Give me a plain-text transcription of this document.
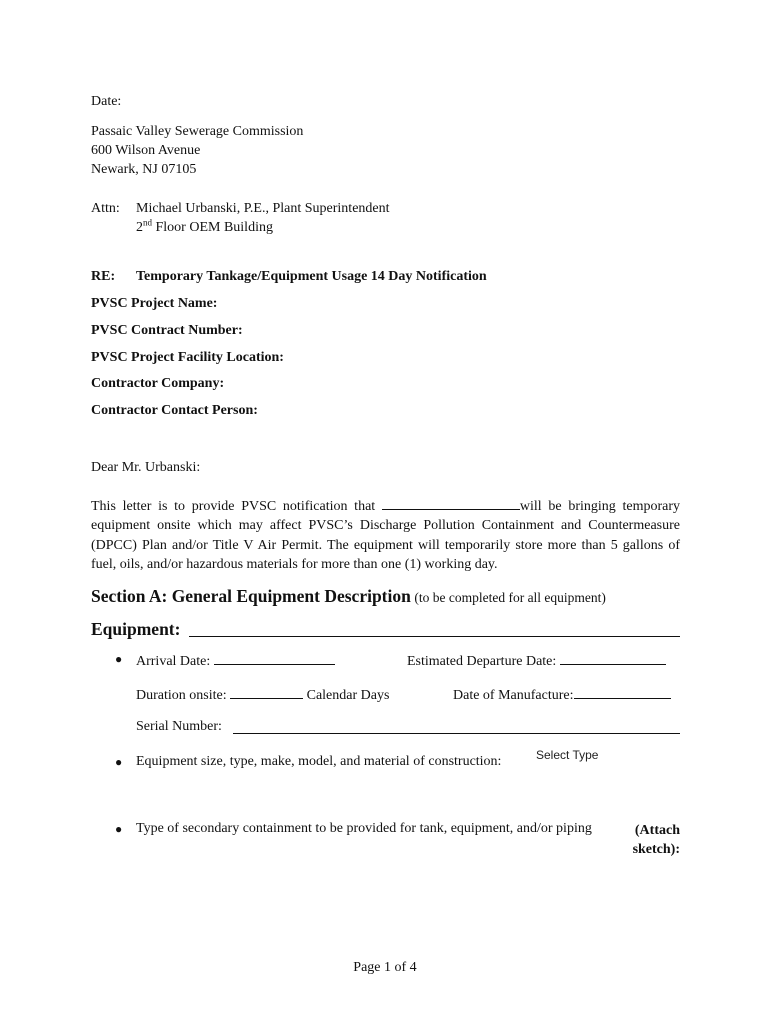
Date:
Passaic Valley Sewerage Commission
600 Wilson Avenue
Newark, NJ 07105
Attn: Michael Urbanski, P.E., Plant Superintendent
2nd Floor OEM Building
RE: Temporary Tankage/Equipment Usage 14 Day Notification
PVSC Project Name:
PVSC Contract Number:
PVSC Project Facility Location:
Contractor Company:
Contractor Contact Person:
Dear Mr. Urbanski:
This letter is to provide PVSC notification that	will be bringing temporary equipment onsite which may affect PVSC’s Discharge Pollution Containment and Countermeasure (DPCC) Plan and/or Title V Air Permit. The equipment will temporarily store more than 5 gallons of fuel, oils, and/or hazardous materials for more than one (1) working day.
Section A: General Equipment Description (to be completed for all equipment)
Equipment:
● Arrival Date:	Estimated Departure Date:
Duration onsite:	Calendar Days	Date of Manufacture:
Serial Number:
● Equipment size, type, make, model, and material of construction:	Select Type
● Type of secondary containment to be provided for tank, equipment, and/or piping	(Attach sketch):
Page 1 of 4
